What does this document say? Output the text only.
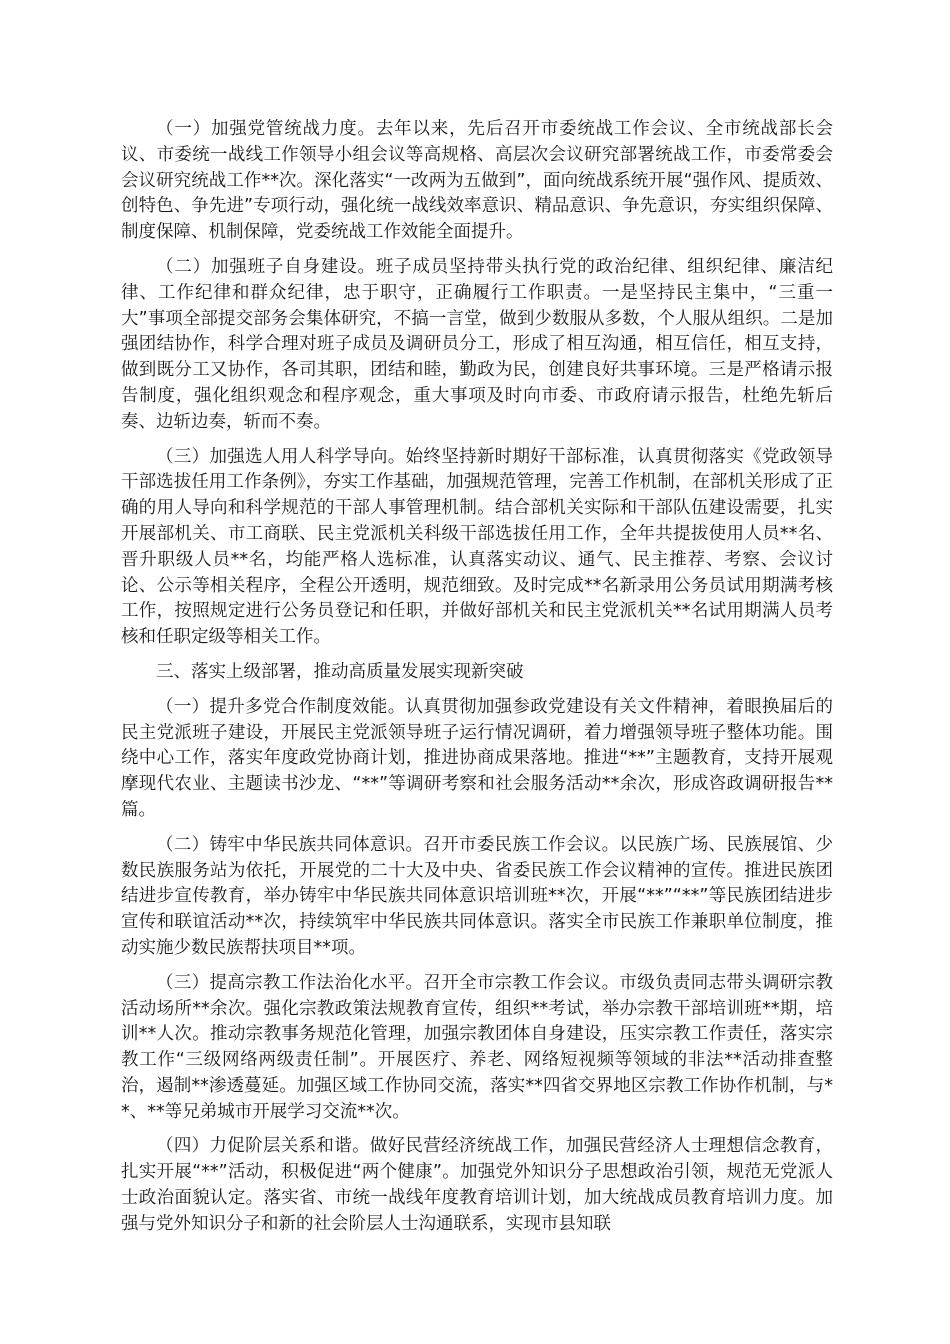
（一）加强党管统战力度。去年以来，先后召开市委统战工作会议、全市统战部长会议、市委统一战线工作领导小组会议等高规格、高层次会议研究部署统战工作，市委常委会会议研究统战工作**次。深化落实“一改两为五做到”，面向统战系统开展“强作风、提质效、创特色、争先进”专项行动，强化统一战线效率意识、精品意识、争先意识，夯实组织保障、制度保障、机制保障，党委统战工作效能全面提升。

（二）加强班子自身建设。班子成员坚持带头执行党的政治纪律、组织纪律、廉洁纪律、工作纪律和群众纪律，忠于职守，正确履行工作职责。一是坚持民主集中，“三重一大”事项全部提交部务会集体研究，不搞一言堂，做到少数服从多数，个人服从组织。二是加强团结协作，科学合理对班子成员及调研员分工，形成了相互沟通，相互信任，相互支持，做到既分工又协作，各司其职，团结和睦，勤政为民，创建良好共事环境。三是严格请示报告制度，强化组织观念和程序观念，重大事项及时向市委、市政府请示报告，杜绝先斩后奏、边斩边奏，斩而不奏。

（三）加强选人用人科学导向。始终坚持新时期好干部标准，认真贯彻落实《党政领导干部选拔任用工作条例》，夯实工作基础，加强规范管理，完善工作机制，在部机关形成了正确的用人导向和科学规范的干部人事管理机制。结合部机关实际和干部队伍建设需要，扎实开展部机关、市工商联、民主党派机关科级干部选拔任用工作，全年共提拔使用人员**名、晋升职级人员**名，均能严格人选标准，认真落实动议、通气、民主推荐、考察、会议讨论、公示等相关程序，全程公开透明，规范细致。及时完成**名新录用公务员试用期满考核工作，按照规定进行公务员登记和任职，并做好部机关和民主党派机关**名试用期满人员考核和任职定级等相关工作。

三、落实上级部署，推动高质量发展实现新突破

（一）提升多党合作制度效能。认真贯彻加强参政党建设有关文件精神，着眼换届后的民主党派班子建设，开展民主党派领导班子运行情况调研，着力增强领导班子整体功能。围绕中心工作，落实年度政党协商计划，推进协商成果落地。推进“**”主题教育，支持开展观摩现代农业、主题读书沙龙、“**”等调研考察和社会服务活动**余次，形成咨政调研报告**篇。

（二）铸牢中华民族共同体意识。召开市委民族工作会议。以民族广场、民族展馆、少数民族服务站为依托，开展党的二十大及中央、省委民族工作会议精神的宣传。推进民族团结进步宣传教育，举办铸牢中华民族共同体意识培训班**次，开展“**”“**”等民族团结进步宣传和联谊活动**次，持续筑牢中华民族共同体意识。落实全市民族工作兼职单位制度，推动实施少数民族帮扶项目**项。

（三）提高宗教工作法治化水平。召开全市宗教工作会议。市级负责同志带头调研宗教活动场所**余次。强化宗教政策法规教育宣传，组织**考试，举办宗教干部培训班**期，培训**人次。推动宗教事务规范化管理，加强宗教团体自身建设，压实宗教工作责任，落实宗教工作“三级网络两级责任制”。开展医疗、养老、网络短视频等领域的非法**活动排查整治，遏制**渗透蔓延。加强区域工作协同交流，落实**四省交界地区宗教工作协作机制，与**、**等兄弟城市开展学习交流**次。

（四）力促阶层关系和谐。做好民营经济统战工作，加强民营经济人士理想信念教育，扎实开展“**”活动，积极促进“两个健康”。加强党外知识分子思想政治引领，规范无党派人士政治面貌认定。落实省、市统一战线年度教育培训计划，加大统战成员教育培训力度。加强与党外知识分子和新的社会阶层人士沟通联系，实现市县知联
